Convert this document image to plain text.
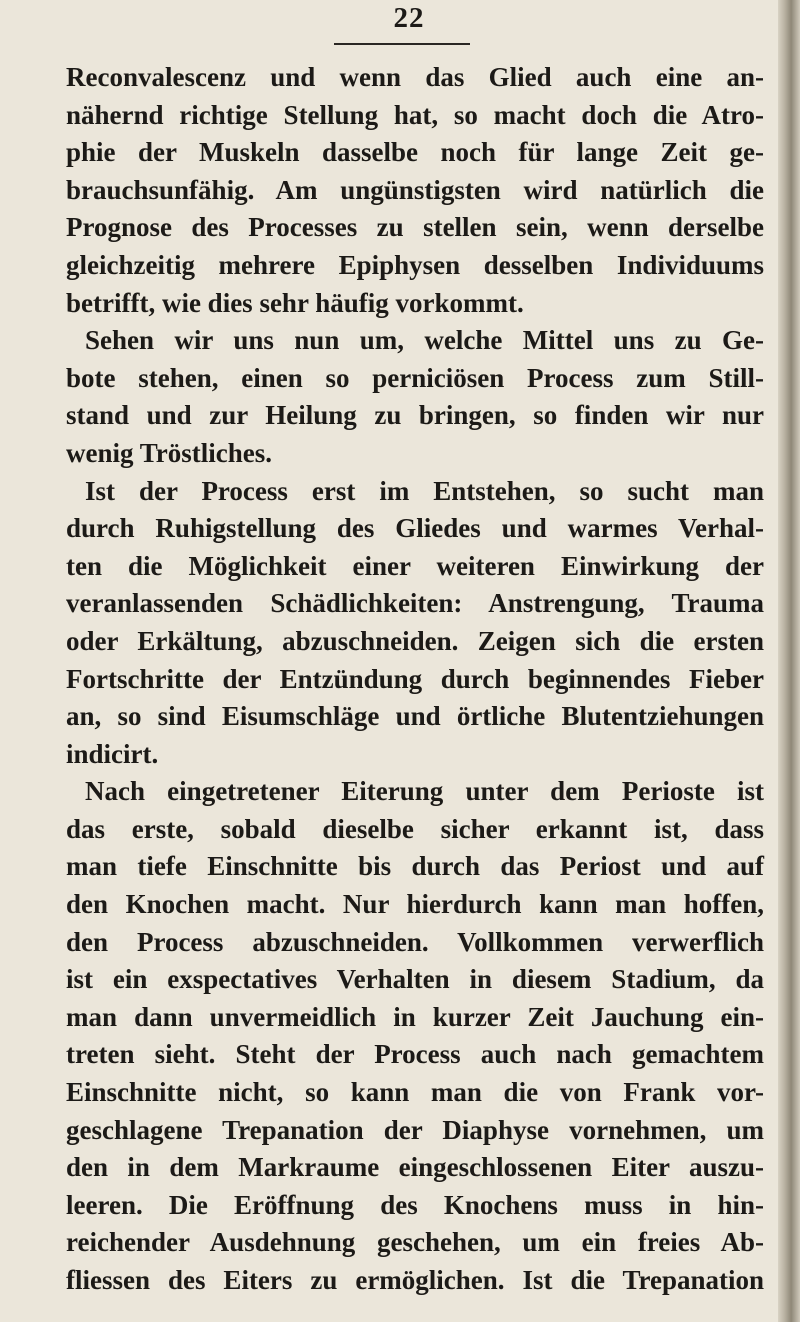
22
Reconvalescenz und wenn das Glied auch eine an-
nähernd richtige Stellung hat, so macht doch die Atro-
phie der Muskeln dasselbe noch für lange Zeit ge-
brauchsunfähig. Am ungünstigsten wird natürlich die
Prognose des Processes zu stellen sein, wenn derselbe
gleichzeitig mehrere Epiphysen desselben Individuums
betrifft, wie dies sehr häufig vorkommt.
Sehen wir uns nun um, welche Mittel uns zu Ge-
bote stehen, einen so perniciösen Process zum Still-
stand und zur Heilung zu bringen, so finden wir nur
wenig Tröstliches.
Ist der Process erst im Entstehen, so sucht man
durch Ruhigstellung des Gliedes und warmes Verhal-
ten die Möglichkeit einer weiteren Einwirkung der
veranlassenden Schädlichkeiten: Anstrengung, Trauma
oder Erkältung, abzuschneiden. Zeigen sich die ersten
Fortschritte der Entzündung durch beginnendes Fieber
an, so sind Eisumschläge und örtliche Blutentziehungen
indicirt.
Nach eingetretener Eiterung unter dem Perioste ist
das erste, sobald dieselbe sicher erkannt ist, dass
man tiefe Einschnitte bis durch das Periost und auf
den Knochen macht. Nur hierdurch kann man hoffen,
den Process abzuschneiden. Vollkommen verwerflich
ist ein exspectatives Verhalten in diesem Stadium, da
man dann unvermeidlich in kurzer Zeit Jauchung ein-
treten sieht. Steht der Process auch nach gemachtem
Einschnitte nicht, so kann man die von Frank vor-
geschlagene Trepanation der Diaphyse vornehmen, um
den in dem Markraume eingeschlossenen Eiter auszu-
leeren. Die Eröffnung des Knochens muss in hin-
reichender Ausdehnung geschehen, um ein freies Ab-
fliessen des Eiters zu ermöglichen. Ist die Trepanation
